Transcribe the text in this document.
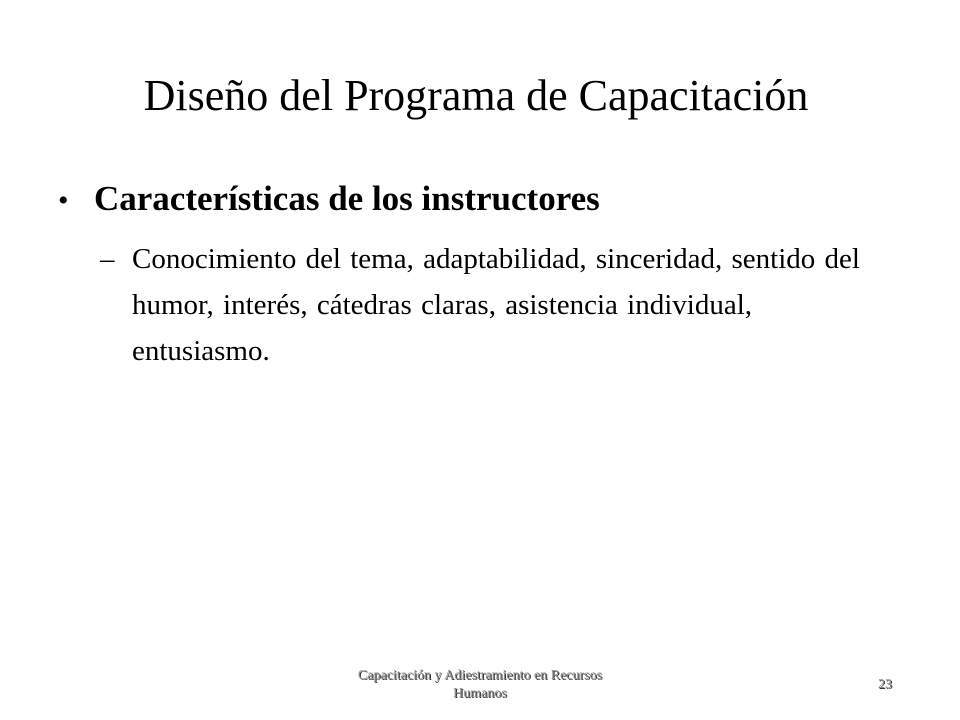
Diseño del Programa de Capacitación
• Características de los instructores
– Conocimiento del tema, adaptabilidad, sinceridad, sentido del humor, interés, cátedras claras, asistencia individual, entusiasmo.
Capacitación y Adiestramiento en Recursos Humanos
23
